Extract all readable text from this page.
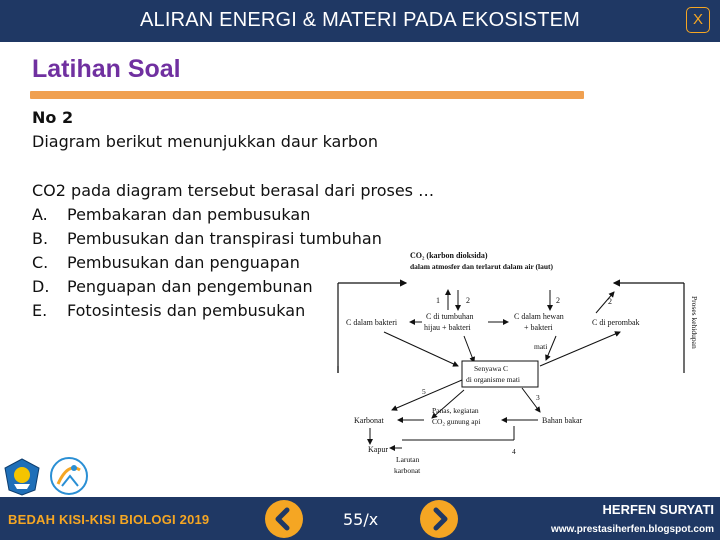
ALIRAN ENERGI & MATERI PADA EKOSISTEM	X
Latihan Soal
No 2
Diagram berikut menunjukkan daur karbon
CO2 pada diagram tersebut berasal dari proses …
A. Pembakaran dan pembusukan
B. Pembusukan dan transpirasi tumbuhan
C. Pembusukan dan penguapan
D. Penguapan dan pengembunan
E. Fotosintesis dan pembusukan
CO₂ (karbon dioksida)
dalam atmosfer dan terlarut dalam air (laut)
1	2	2	2	Proses kehidupan
C dalam bakteri
C di tumbuhan
hijau + bakteri
C dalam hewan
+ bakteri
C di perombak
mati
Senyawa C
di organisme mati
5
3
Karbonat
Panas, kegiatan
CO₂ gunung api	Bahan bakar
Kapur	4
Larutan
karbonat
BEDAH KISI-KISI BIOLOGI 2019	55/x
HERFEN SURYATI
www.prestasiherfen.blogspot.com
